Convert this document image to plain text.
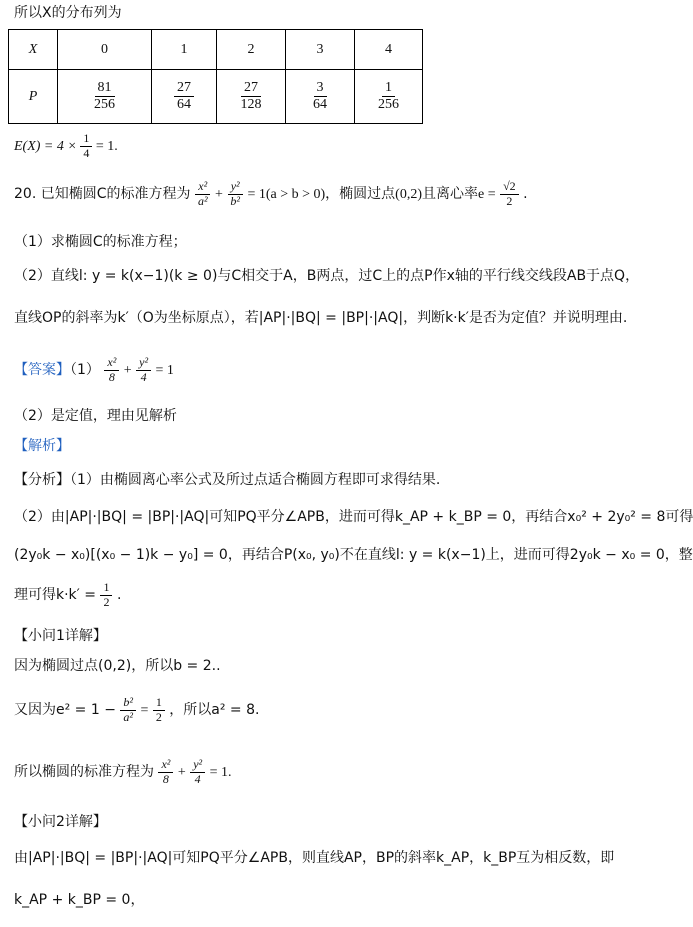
所以X的分布列为
X	0	1	2	3	4
P	$\frac{81}{256}$	$\frac{27}{64}$	$\frac{27}{128}$	$\frac{3}{64}$	$\frac{1}{256}$
$E(X) = 4 \times \frac{1}{4} = 1$.
20. 已知椭圆C的标准方程为 $\frac{\text{x²}}{\text{a²}} + \frac{\text{y²}}{\text{b²}} = 1(a > b > 0)$，椭圆过点(0,2)且离心率$e = \frac{√2}{2}$ .
（1）求椭圆C的标准方程；
（2）直线l: y = k(x−1)(k ≥ 0)与C相交于A，B两点，过C上的点P作x轴的平行线交线段AB于点Q，
直线OP的斜率为k′（O为坐标原点），若|AP|·|BQ| = |BP|·|AQ|，判断k·k′是否为定值？并说明理由.
【答案】$(1) \frac{\text{x²}}{8} + \frac{\text{y²}}{4} = 1$
（2）是定值，理由见解析
【解析】
【分析】（1）由椭圆离心率公式及所过点适合椭圆方程即可求得结果.
（2）由|AP|·|BQ| = |BP|·|AQ|可知PQ平分∠APB，进而可得k_AP + k_BP = 0，再结合x₀² + 2y₀² = 8可得
(2y₀k − x₀)[(x₀ − 1)k − y₀] = 0，再结合P(x₀, y₀)不在直线l: y = k(x−1)上，进而可得2y₀k − x₀ = 0，整
理可得$k\cdot k' = \frac{1}{2}$ .
【小问1详解】
因为椭圆过点(0,2)，所以b = 2..
又因为$e^2 = 1 - \frac{\text{b²}}{\text{a²}} = \frac{1}{2}$ ，所以a² = 8.
所以椭圆的标准方程为 $\frac{\text{x²}}{8} + \frac{\text{y²}}{4} = 1$.
【小问2详解】
由|AP|·|BQ| = |BP|·|AQ|可知PQ平分∠APB，则直线AP，BP的斜率k_AP，k_BP互为相反数，即
k_AP + k_BP = 0，
